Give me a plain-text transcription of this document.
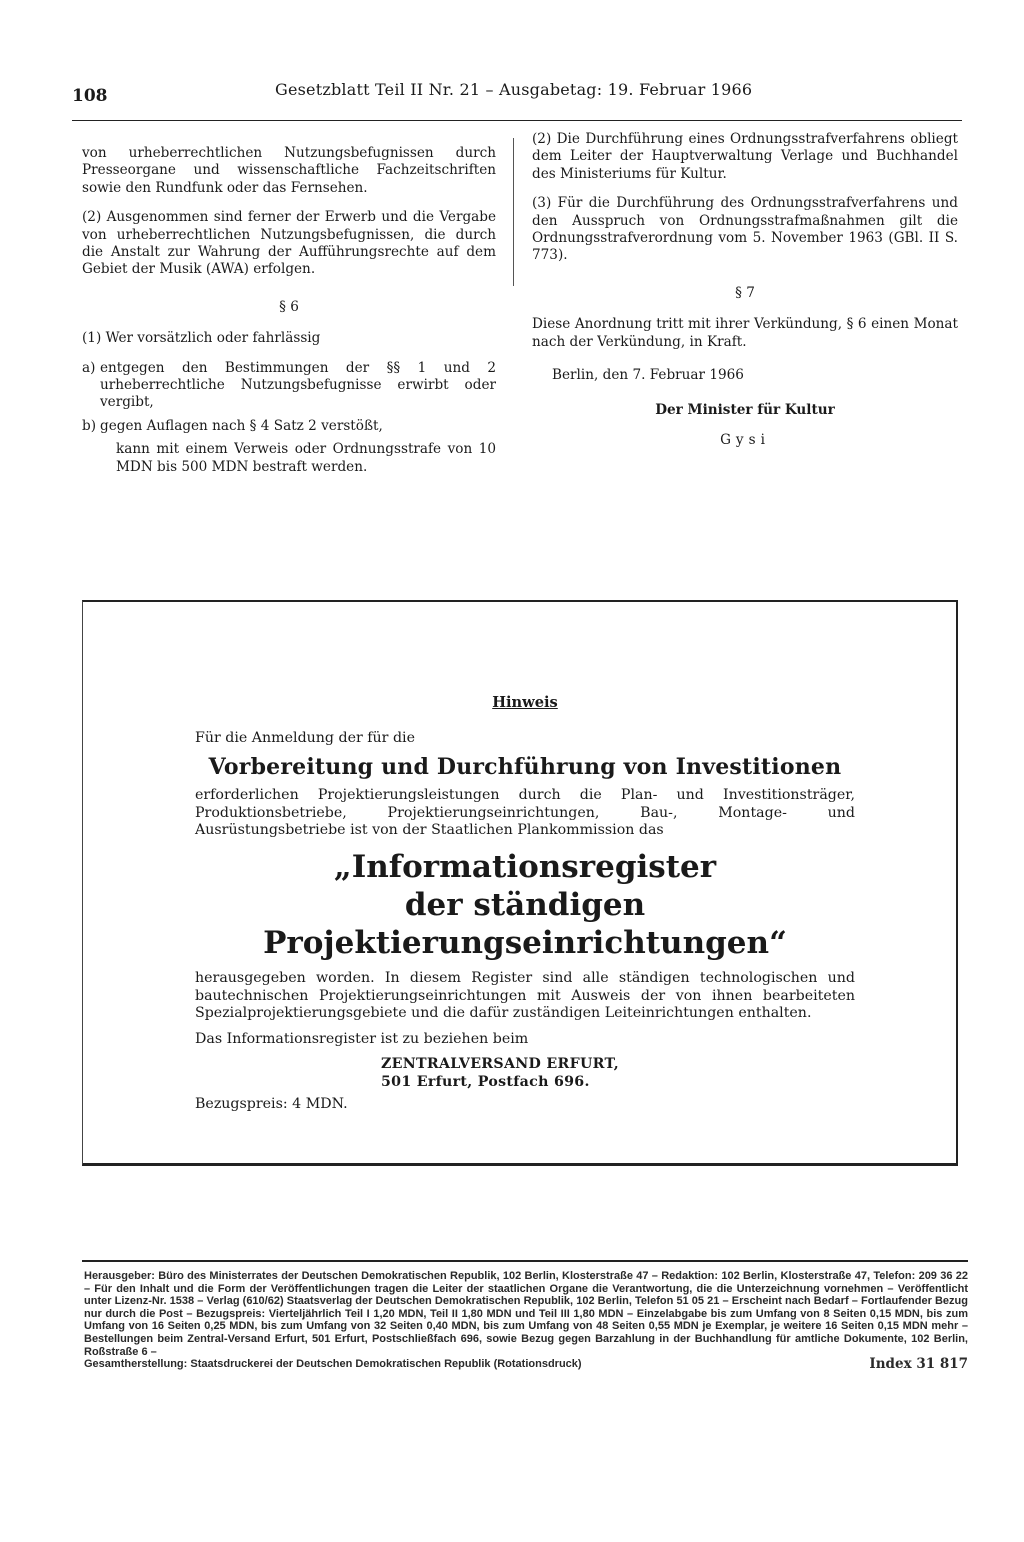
108	Gesetzblatt Teil II Nr. 21 – Ausgabetag: 19. Februar 1966

von urheberrechtlichen Nutzungsbefugnissen durch Presseorgane und wissenschaftliche Fachzeitschriften sowie den Rundfunk oder das Fernsehen.

(2) Ausgenommen sind ferner der Erwerb und die Vergabe von urheberrechtlichen Nutzungsbefugnissen, die durch die Anstalt zur Wahrung der Aufführungsrechte auf dem Gebiet der Musik (AWA) erfolgen.

§ 6

(1) Wer vorsätzlich oder fahrlässig

a) entgegen den Bestimmungen der §§ 1 und 2 urheberrechtliche Nutzungsbefugnisse erwirbt oder vergibt,
b) gegen Auflagen nach § 4 Satz 2 verstößt,

kann mit einem Verweis oder Ordnungsstrafe von 10 MDN bis 500 MDN bestraft werden.

(2) Die Durchführung eines Ordnungsstrafverfahrens obliegt dem Leiter der Hauptverwaltung Verlage und Buchhandel des Ministeriums für Kultur.

(3) Für die Durchführung des Ordnungsstrafverfahrens und den Ausspruch von Ordnungsstrafmaßnahmen gilt die Ordnungsstrafverordnung vom 5. November 1963 (GBl. II S. 773).

§ 7

Diese Anordnung tritt mit ihrer Verkündung, § 6 einen Monat nach der Verkündung, in Kraft.

Berlin, den 7. Februar 1966

Der Minister für Kultur

Gysi

Hinweis

Für die Anmeldung der für die

Vorbereitung und Durchführung von Investitionen

erforderlichen Projektierungsleistungen durch die Plan- und Investitionsträger, Produktionsbetriebe, Projektierungseinrichtungen, Bau-, Montage- und Ausrüstungsbetriebe ist von der Staatlichen Plankommission das

„Informationsregister
der ständigen Projektierungseinrichtungen“

herausgegeben worden. In diesem Register sind alle ständigen technologischen und bautechnischen Projektierungseinrichtungen mit Ausweis der von ihnen bearbeiteten Spezialprojektierungsgebiete und die dafür zuständigen Leiteinrichtungen enthalten.

Das Informationsregister ist zu beziehen beim

ZENTRALVERSAND ERFURT,

501 Erfurt, Postfach 696.

Bezugspreis: 4 MDN.

Herausgeber: Büro des Ministerrates der Deutschen Demokratischen Republik, 102 Berlin, Klosterstraße 47 – Redaktion: 102 Berlin, Klosterstraße 47, Telefon: 209 36 22 – Für den Inhalt und die Form der Veröffentlichungen tragen die Leiter der staatlichen Organe die Verantwortung, die die Unterzeichnung vornehmen – Veröffentlicht unter Lizenz-Nr. 1538 – Verlag (610/62) Staatsverlag der Deutschen Demokratischen Republik, 102 Berlin, Telefon 51 05 21 – Erscheint nach Bedarf – Fortlaufender Bezug nur durch die Post – Bezugspreis: Vierteljährlich Teil I 1,20 MDN, Teil II 1,80 MDN und Teil III 1,80 MDN – Einzelabgabe bis zum Umfang von 8 Seiten 0,15 MDN, bis zum Umfang von 16 Seiten 0,25 MDN, bis zum Umfang von 32 Seiten 0,40 MDN, bis zum Umfang von 48 Seiten 0,55 MDN je Exemplar, je weitere 16 Seiten 0,15 MDN mehr – Bestellungen beim Zentral-Versand Erfurt, 501 Erfurt, Postschließfach 696, sowie Bezug gegen Barzahlung in der Buchhandlung für amtliche Dokumente, 102 Berlin, Roßstraße 6 –
Gesamtherstellung: Staatsdruckerei der Deutschen Demokratischen Republik (Rotationsdruck)	Index 31 817
